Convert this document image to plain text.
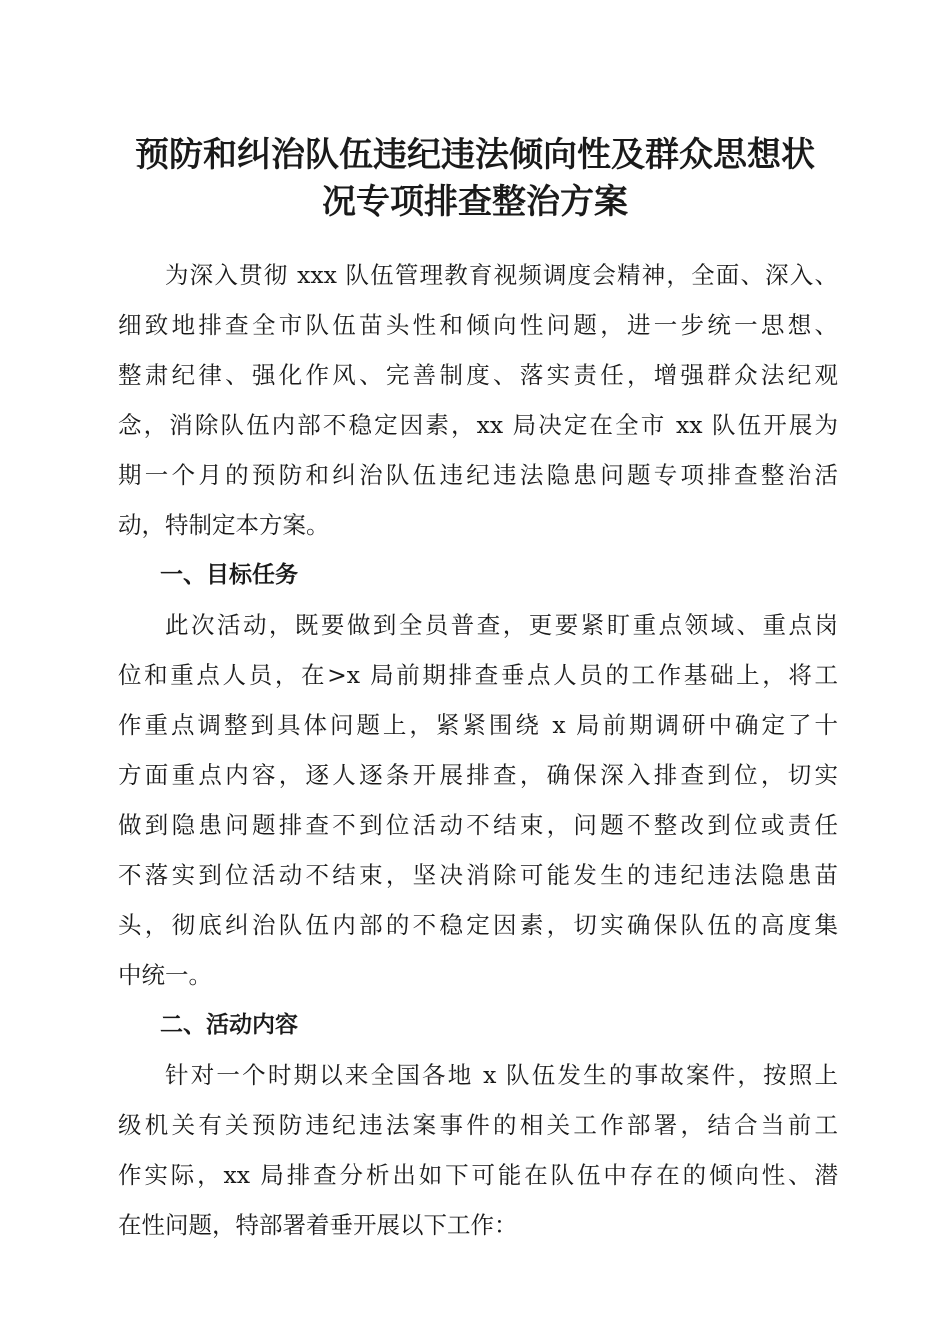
预防和纠治队伍违纪违法倾向性及群众思想状
况专项排查整治方案
为深入贯彻 xxx 队伍管理教育视频调度会精神，全面、深入、
细致地排查全市队伍苗头性和倾向性问题，进一步统一思想、
整肃纪律、强化作风、完善制度、落实责任，增强群众法纪观
念，消除队伍内部不稳定因素，xx 局决定在全市 xx 队伍开展为
期一个月的预防和纠治队伍违纪违法隐患问题专项排查整治活
动，特制定本方案。
一、目标任务
此次活动，既要做到全员普查，更要紧盯重点领域、重点岗
位和重点人员，在>x 局前期排查垂点人员的工作基础上，将工
作重点调整到具体问题上，紧紧围绕 x 局前期调研中确定了十
方面重点内容，逐人逐条开展排查，确保深入排查到位，切实
做到隐患问题排查不到位活动不结束，问题不整改到位或责任
不落实到位活动不结束，坚决消除可能发生的违纪违法隐患苗
头，彻底纠治队伍内部的不稳定因素，切实确保队伍的高度集
中统一。
二、活动内容
针对一个时期以来全国各地 x 队伍发生的事故案件，按照上
级机关有关预防违纪违法案事件的相关工作部署，结合当前工
作实际，xx 局排查分析出如下可能在队伍中存在的倾向性、潜
在性问题，特部署着垂开展以下工作：
